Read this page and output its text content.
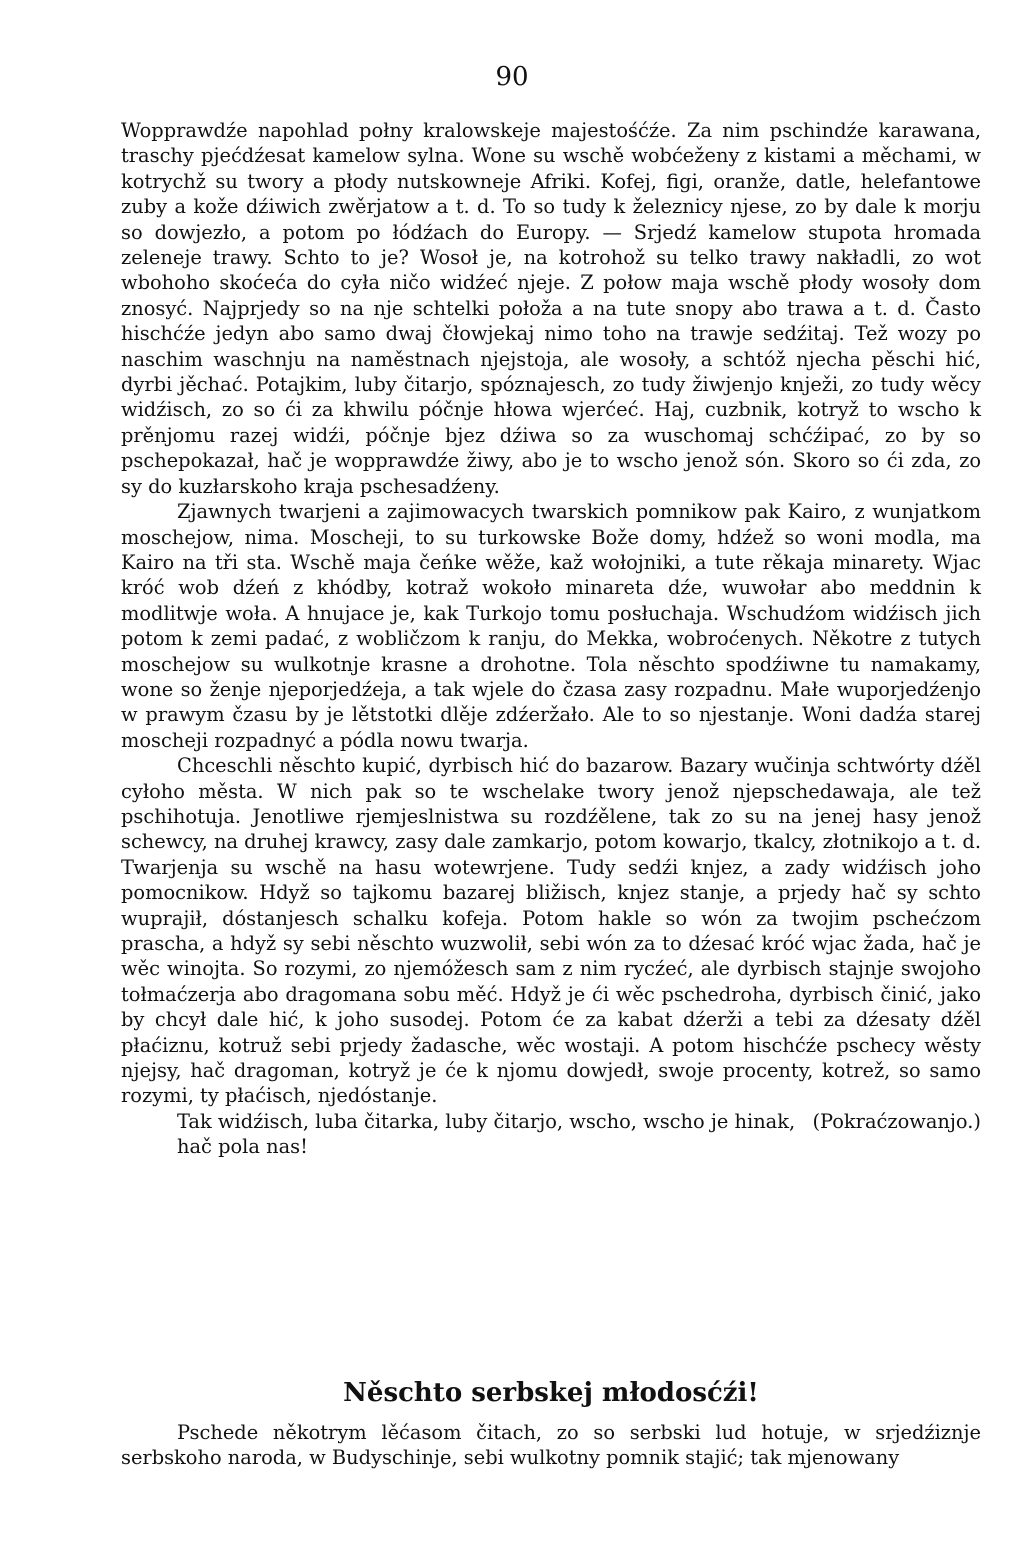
90

Wopprawdźe napohlad połny kralowskeje majestośćźe. Za nim pschindźe karawana, traschy pjećdźesat kamelow sylna. Wone su wschě wobćeženy z kistami a měchami, w kotrychž su twory a płody nutskowneje Afriki. Kofej, figi, oranže, datle, helefantowe zuby a kože dźiwich zwěrjatow a t. d. To so tudy k železnicy njese, zo by dale k morju so dowjezło, a potom po łódźach do Europy. — Srjedź kamelow stupota hromada zeleneje trawy. Schto to je? Wosoł je, na kotrohož su telko trawy nakładli, zo wot wbohoho skoćeća do cyła ničo widźeć njeje. Z połow maja wschě płody wosoły dom znosyć. Najprjedy so na nje schtelki połoža a na tute snopy abo trawa a t. d. Často hischćźe jedyn abo samo dwaj čłowjekaj nimo toho na trawje sedźitaj. Tež wozy po naschim waschnju na naměstnach njejstoja, ale wosoły, a schtóž njecha pěschi hić, dyrbi jěchać. Potajkim, luby čitarjo, spóznajesch, zo tudy žiwjenjo knježi, zo tudy wěcy widźisch, zo so ći za khwilu póčnje hłowa wjerćeć. Haj, cuzbnik, kotryž to wscho k prěnjomu razej widźi, póčnje bjez dźiwa so za wuschomaj schćźipać, zo by so pschepokazał, hač je wopprawdźe žiwy, abo je to wscho jenož són. Skoro so ći zda, zo sy do kuzłarskoho kraja pschesadźeny.

Zjawnych twarjeni a zajimowacych twarskich pomnikow pak Kairo, z wunjatkom moschejow, nima. Moscheji, to su turkowske Bože domy, hdźež so woni modla, ma Kairo na tři sta. Wschě maja čeńke wěže, kaž wołojniki, a tute rěkaja minarety. Wjac króć wob dźeń z khódby, kotraž wokoło minareta dźe, wuwołar abo meddnin k modlitwje woła. A hnujace je, kak Turkojo tomu posłuchaja. Wschudźom widźisch jich potom k zemi padać, z wobličzom k ranju, do Mekka, wobroćenych. Někotre z tutych moschejow su wulkotnje krasne a drohotne. Tola něschto spodźiwne tu namakamy, wone so ženje njeporjedźeja, a tak wjele do čzasa zasy rozpadnu. Małe wuporjedźenjo w prawym čzasu by je lětstotki dlěje zdźeržało. Ale to so njestanje. Woni dadźa starej moscheji rozpadnyć a pódla nowu twarja.

Chceschli něschto kupić, dyrbisch hić do bazarow. Bazary wučinja schtwórty dźěl cyłoho města. W nich pak so te wschelake twory jenož njepschedawaja, ale tež pschihotuja. Jenotliwe rjemjeslnistwa su rozdźělene, tak zo su na jenej hasy jenož schewcy, na druhej krawcy, zasy dale zamkarjo, potom kowarjo, tkalcy, złotnikojo a t. d. Twarjenja su wschě na hasu wotewrjene. Tudy sedźi knjez, a zady widźisch joho pomocnikow. Hdyž so tajkomu bazarej bližisch, knjez stanje, a prjedy hač sy schto wuprajił, dóstanjesch schalku kofeja. Potom hakle so wón za twojim pschećzom prascha, a hdyž sy sebi něschto wuzwolił, sebi wón za to dźesać króć wjac žada, hač je wěc winojta. So rozymi, zo njemóžesch sam z nim rycźeć, ale dyrbisch stajnje swojoho tołmaćzerja abo dragomana sobu měć. Hdyž je ći wěc pschedroha, dyrbisch činić, jako by chcył dale hić, k joho susodej. Potom će za kabat dźerži a tebi za dźesaty dźěl płaćiznu, kotruž sebi prjedy žadasche, wěc wostaji. A potom hischćźe pschecy wěsty njejsy, hač dragoman, kotryž je će k njomu dowjedł, swoje procenty, kotrež, so samo rozymi, ty płaćisch, njedóstanje.

Tak widźisch, luba čitarka, luby čitarjo, wscho, wscho je hinak, hač pola nas!
(Pokraćzowanjo.)
Něschto serbskej młodosćźi!

Pschede někotrym lěćasom čitach, zo so serbski lud hotuje, w srjedźiznje serbskoho naroda, w Budyschinje, sebi wulkotny pomnik stajić; tak mjenowany
